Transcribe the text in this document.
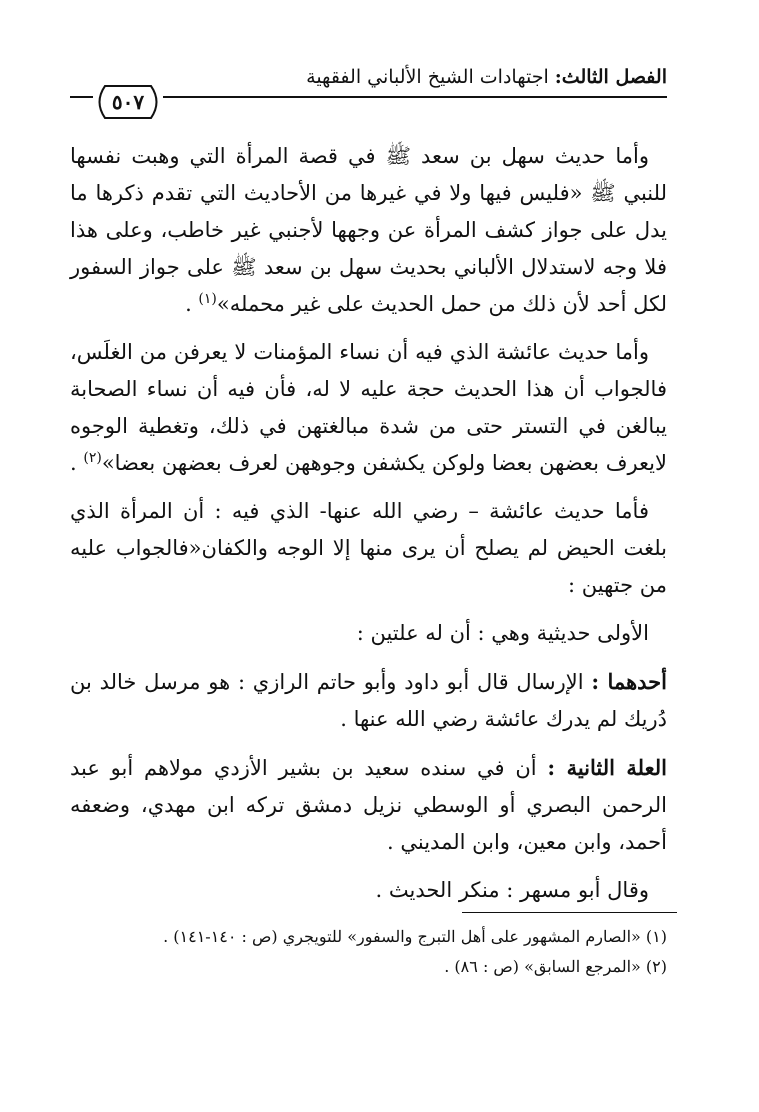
الفصل الثالث: اجتهادات الشيخ الألباني الفقهية
٥٠٧

وأما حديث سهل بن سعد ﷺ في قصة المرأة التي وهبت نفسها للنبي ﷺ «فليس فيها ولا في غيرها من الأحاديث التي تقدم ذكرها ما يدل على جواز كشف المرأة عن وجهها لأجنبي غير خاطب، وعلى هذا فلا وجه لاستدلال الألباني بحديث سهل بن سعد ﷺ على جواز السفور لكل أحد لأن ذلك من حمل الحديث على غير محمله»$^{(١)}$ .

وأما حديث عائشة الذي فيه أن نساء المؤمنات لا يعرفن من الغلَس، فالجواب أن هذا الحديث حجة عليه لا له، فأن فيه أن نساء الصحابة يبالغن في التستر حتى من شدة مبالغتهن في ذلك، وتغطية الوجوه لايعرف بعضهن بعضا ولوكن يكشفن وجوههن لعرف بعضهن بعضا»$^{(٢)}$ .

فأما حديث عائشة – رضي الله عنها- الذي فيه : أن المرأة الذي بلغت الحيض لم يصلح أن يرى منها إلا الوجه والكفان«فالجواب عليه من جتهين :

الأولى حديثية وهي : أن له علتين :

أحدهما : الإرسال قال أبو داود وأبو حاتم الرازي : هو مرسل خالد بن دُريك لم يدرك عائشة رضي الله عنها .

العلة الثانية : أن في سنده سعيد بن بشير الأزدي مولاهم أبو عبد الرحمن البصري أو الوسطي نزيل دمشق تركه ابن مهدي، وضعفه أحمد، وابن معين، وابن المديني .

وقال أبو مسهر : منكر الحديث .

(١) «الصارم المشهور على أهل التبرج والسفور» للتويجري (ص : ١٤٠-١٤١) .

(٢) «المرجع السابق» (ص : ٨٦) .
